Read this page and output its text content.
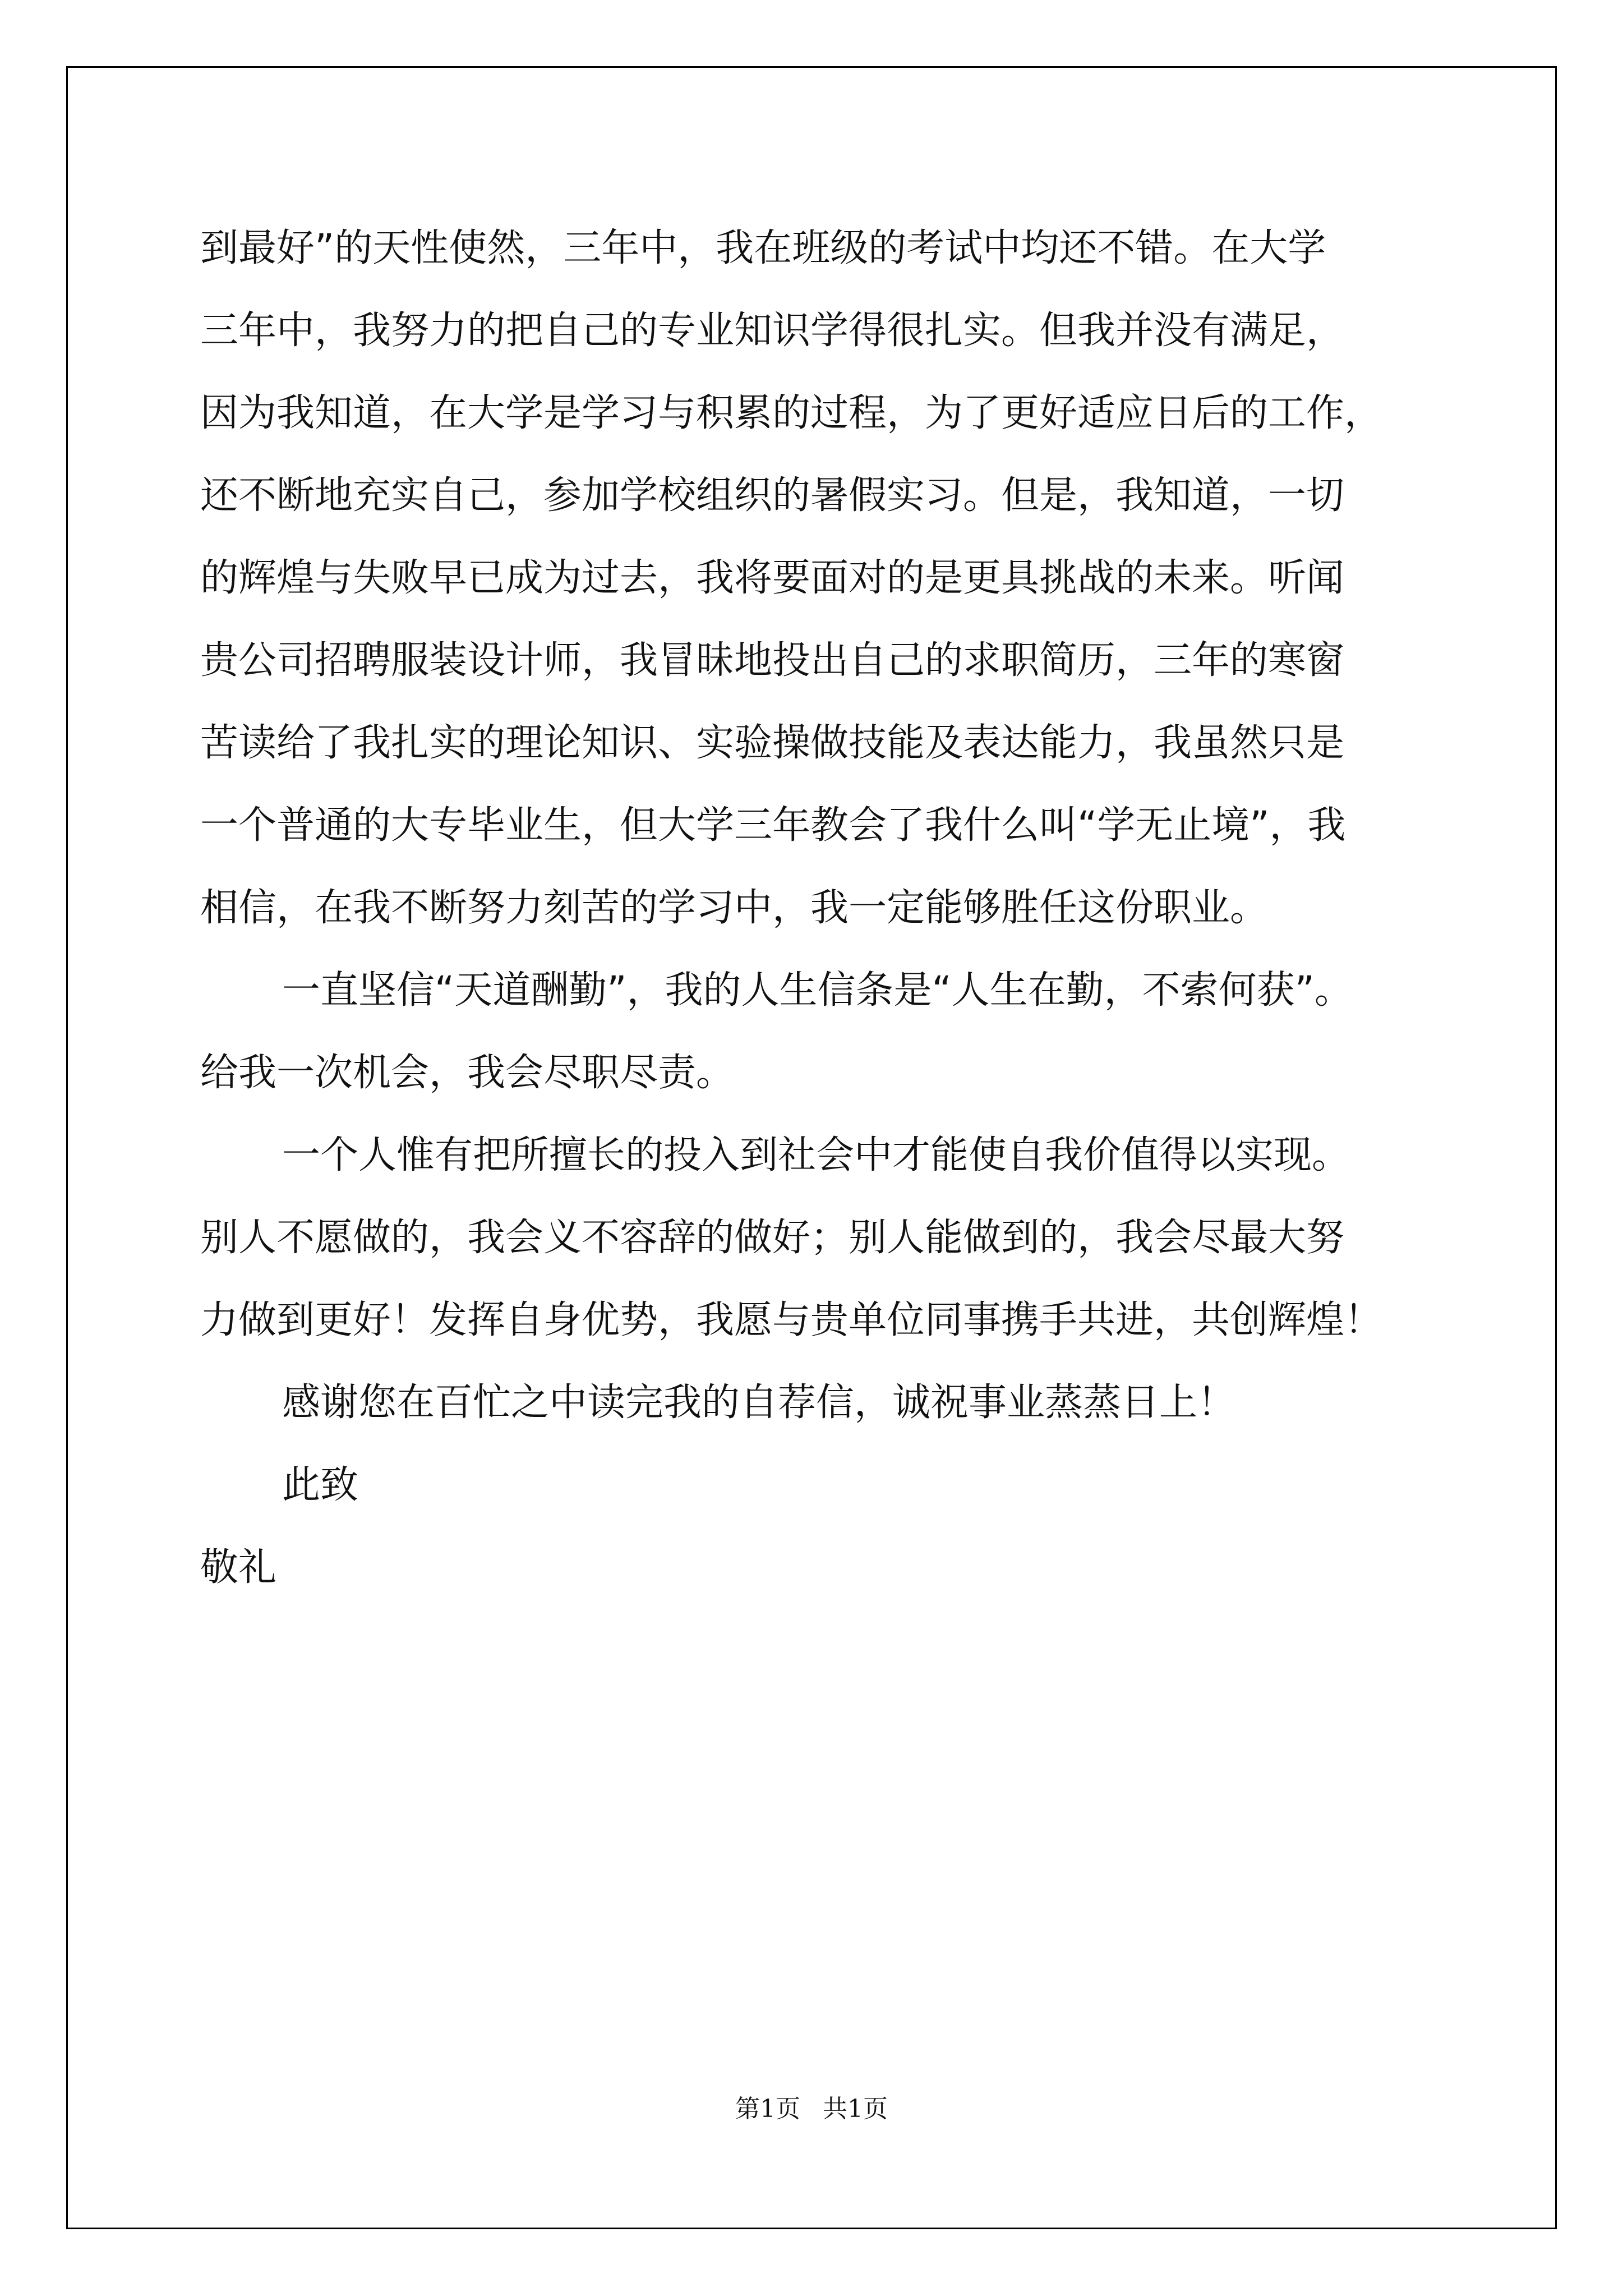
到最好”的天性使然，三年中，我在班级的考试中均还不错。在大学
三年中，我努力的把自己的专业知识学得很扎实。但我并没有满足，
因为我知道，在大学是学习与积累的过程，为了更好适应日后的工作，
还不断地充实自己，参加学校组织的暑假实习。但是，我知道，一切
的辉煌与失败早已成为过去，我将要面对的是更具挑战的未来。听闻
贵公司招聘服装设计师，我冒昧地投出自己的求职简历，三年的寒窗
苦读给了我扎实的理论知识、实验操做技能及表达能力，我虽然只是
一个普通的大专毕业生，但大学三年教会了我什么叫“学无止境”，我
相信，在我不断努力刻苦的学习中，我一定能够胜任这份职业。
一直坚信“天道酬勤”，我的人生信条是“人生在勤，不索何获”。
给我一次机会，我会尽职尽责。
一个人惟有把所擅长的投入到社会中才能使自我价值得以实现。
别人不愿做的，我会义不容辞的做好；别人能做到的，我会尽最大努
力做到更好！发挥自身优势，我愿与贵单位同事携手共进，共创辉煌！
感谢您在百忙之中读完我的自荐信，诚祝事业蒸蒸日上！
此致
敬礼
第1页 共1页
